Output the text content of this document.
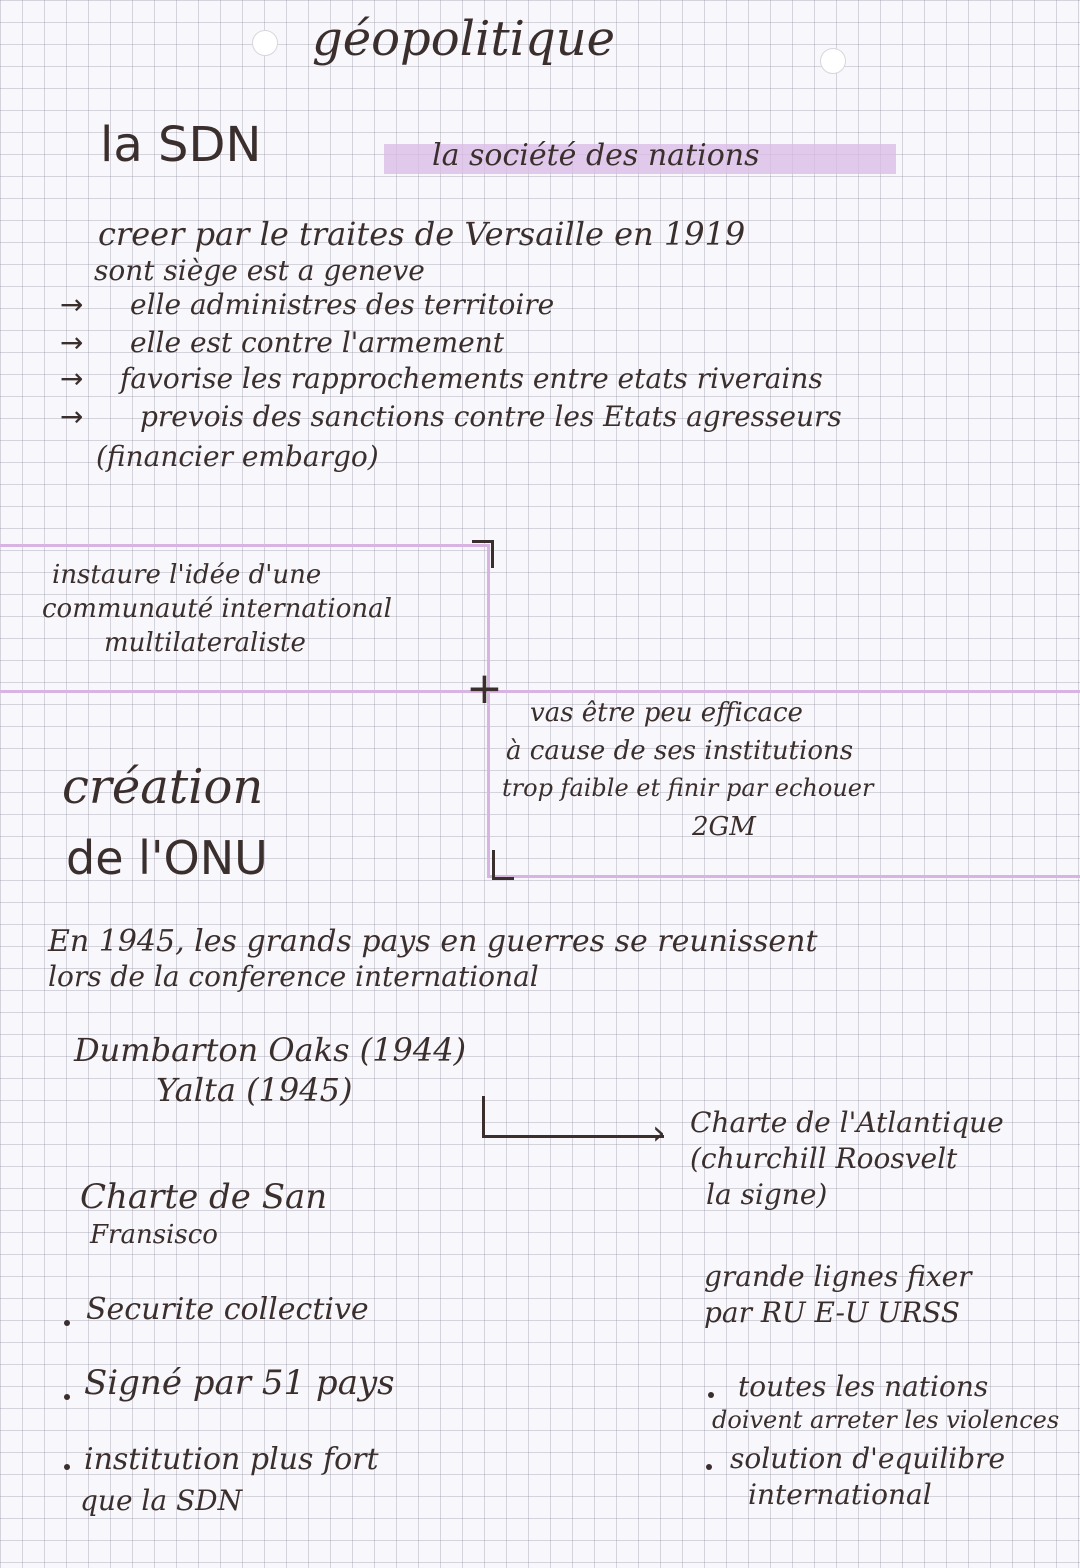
géopolitique
la SDN	la société des nations
creer par le traites de Versaille en 1919
sont siège est a geneve
→ elle administres des territoire
→ elle est contre l'armement
→ favorise les rapprochements entre etats riverains
→ prevois des sanctions contre les Etats agresseurs
(financier embargo)
instaure l'idée d'une
communauté international
multilateraliste
+ vas être peu efficace
à cause de ses institutions
trop faible et finir par echouer
2GM
création
de l'ONU
En 1945, les grands pays en guerres se reunissent
lors de la conference international
Dumbarton Oaks (1944)
Yalta (1945)
› Charte de l'Atlantique
(churchill Roosvelt
la signe)
Charte de San
Fransisco
grande lignes fixer
par RU E-U URSS
Securite collective
Signé par 51 pays
institution plus fort
que la SDN
toutes les nations
doivent arreter les violences
solution d'equilibre
international
